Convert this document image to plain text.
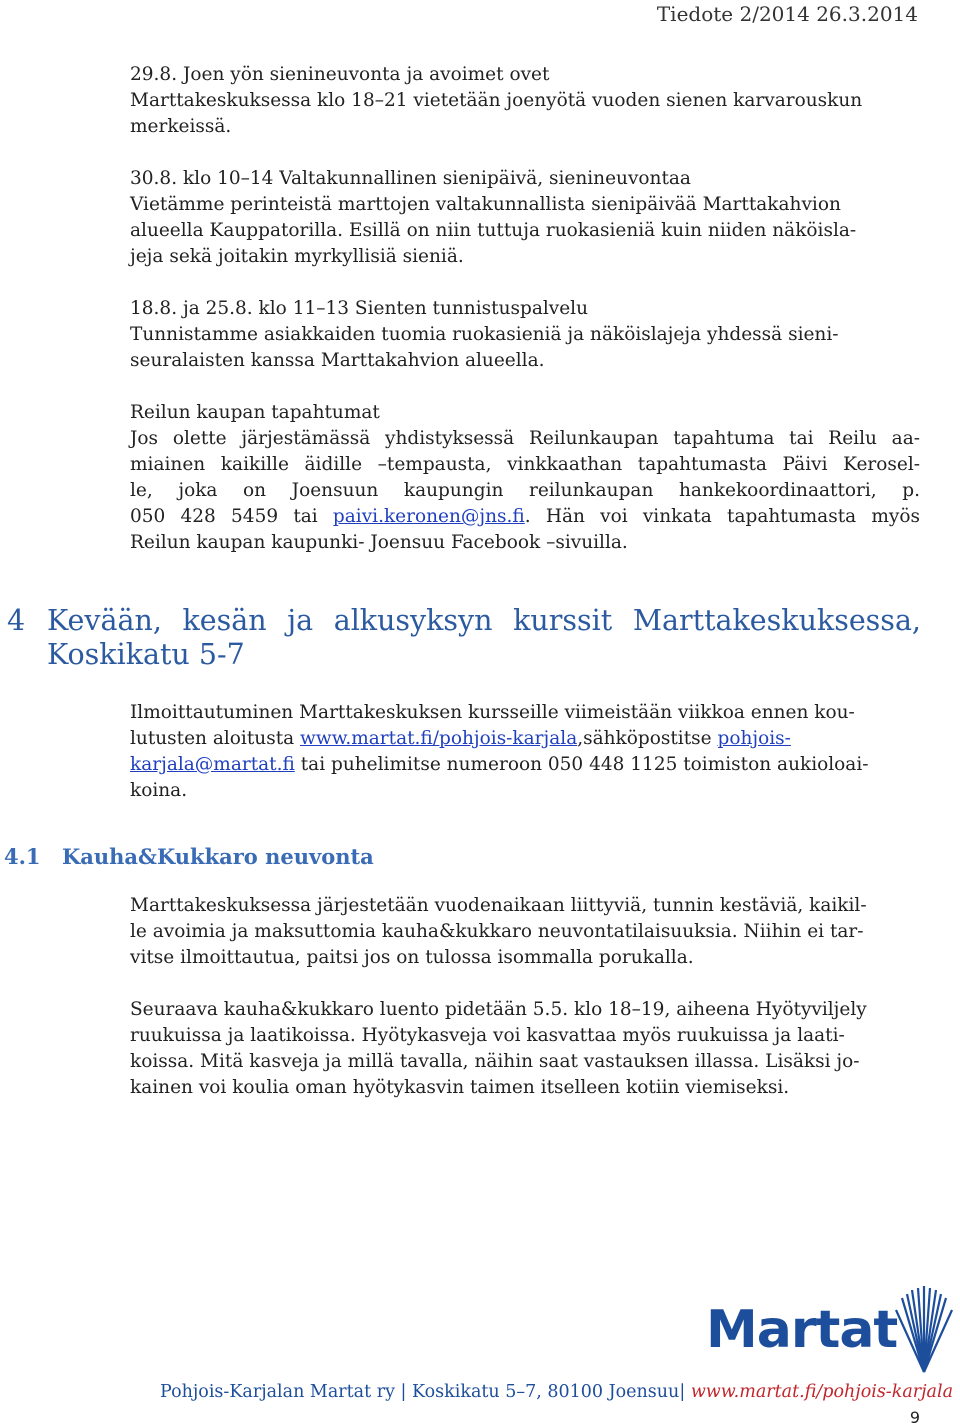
Tiedote 2/2014 26.3.2014

29.8. Joen yön sienineuvonta ja avoimet ovet

Marttakeskuksessa klo 18–21 vietetään joenyötä vuoden sienen karvarouskun

merkeissä.

30.8. klo 10–14 Valtakunnallinen sienipäivä, sienineuvontaa

Vietämme perinteistä marttojen valtakunnallista sienipäivää Marttakahvion

alueella Kauppatorilla. Esillä on niin tuttuja ruokasieniä kuin niiden näköisla-

jeja sekä joitakin myrkyllisiä sieniä.

18.8. ja 25.8. klo 11–13 Sienten tunnistuspalvelu

Tunnistamme asiakkaiden tuomia ruokasieniä ja näköislajeja yhdessä sieni-

seuralaisten kanssa Marttakahvion alueella.

Reilun kaupan tapahtumat

Jos olette järjestämässä yhdistyksessä Reilunkaupan tapahtuma tai Reilu aa-

miainen kaikille äidille –tempausta, vinkkaathan tapahtumasta Päivi Kerosel-

le, joka on Joensuun kaupungin reilunkaupan hankekoordinaattori, p.

050 428 5459 tai paivi.keronen@jns.fi. Hän voi vinkata tapahtumasta myös

Reilun kaupan kaupunki- Joensuu Facebook –sivuilla.

4 Kevään, kesän ja alkusyksyn kurssit Marttakeskuksessa,
Koskikatu 5-7

Ilmoittautuminen Marttakeskuksen kursseille viimeistään viikkoa ennen kou-

lutusten aloitusta www.martat.fi/pohjois-karjala,sähköpostitse pohjois-

karjala@martat.fi tai puhelimitse numeroon 050 448 1125 toimiston aukioloai-

koina.

4.1 Kauha&Kukkaro neuvonta

Marttakeskuksessa järjestetään vuodenaikaan liittyviä, tunnin kestäviä, kaikil-

le avoimia ja maksuttomia kauha&kukkaro neuvontatilaisuuksia. Niihin ei tar-

vitse ilmoittautua, paitsi jos on tulossa isommalla porukalla.

Seuraava kauha&kukkaro luento pidetään 5.5. klo 18–19, aiheena Hyötyviljely

ruukuissa ja laatikoissa. Hyötykasveja voi kasvattaa myös ruukuissa ja laati-

koissa. Mitä kasveja ja millä tavalla, näihin saat vastauksen illassa. Lisäksi jo-

kainen voi koulia oman hyötykasvin taimen itselleen kotiin viemiseksi.

Martat
Pohjois-Karjalan Martat ry | Koskikatu 5–7, 80100 Joensuu| www.martat.fi/pohjois-karjala
9
